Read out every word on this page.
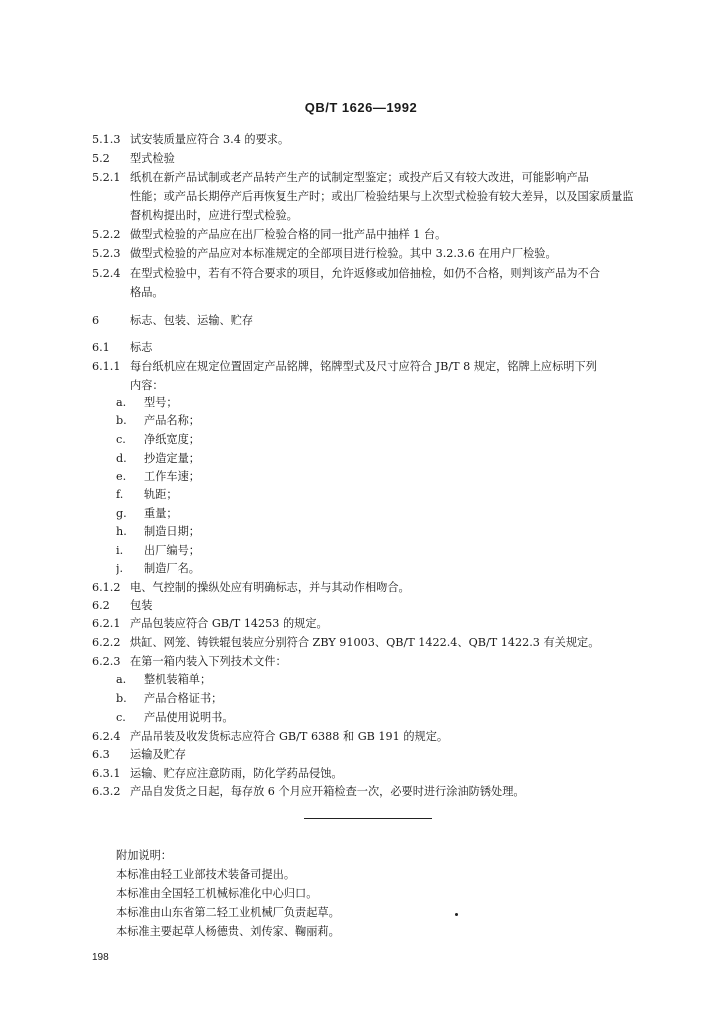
QB/T 1626—1992
5.1.3 试安装质量应符合 3.4 的要求。
5.2 型式检验
5.2.1 纸机在新产品试制或老产品转产生产的试制定型鉴定；或投产后又有较大改进，可能影响产品
性能；或产品长期停产后再恢复生产时；或出厂检验结果与上次型式检验有较大差异，以及国家质量监
督机构提出时，应进行型式检验。
5.2.2 做型式检验的产品应在出厂检验合格的同一批产品中抽样 1 台。
5.2.3 做型式检验的产品应对本标准规定的全部项目进行检验。其中 3.2.3.6 在用户厂检验。
5.2.4 在型式检验中，若有不符合要求的项目，允许返修或加倍抽检，如仍不合格，则判该产品为不合
格品。
6	标志、包装、运输、贮存
6.1 标志
6.1.1 每台纸机应在规定位置固定产品铭牌，铭牌型式及尺寸应符合 JB/T 8 规定，铭牌上应标明下列
内容：
a. 型号；
b. 产品名称；
c. 净纸宽度；
d. 抄造定量；
e. 工作车速；
f. 轨距；
g. 重量；
h. 制造日期；
i. 出厂编号；
j. 制造厂名。
6.1.2 电、气控制的操纵处应有明确标志，并与其动作相吻合。
6.2 包装
6.2.1 产品包装应符合 GB/T 14253 的规定。
6.2.2 烘缸、网笼、铸铁辊包装应分别符合 ZBY 91003、QB/T 1422.4、QB/T 1422.3 有关规定。
6.2.3 在第一箱内装入下列技术文件：
a. 整机装箱单；
b. 产品合格证书；
c. 产品使用说明书。
6.2.4 产品吊装及收发货标志应符合 GB/T 6388 和 GB 191 的规定。
6.3 运输及贮存
6.3.1 运输、贮存应注意防雨，防化学药品侵蚀。
6.3.2 产品自发货之日起，每存放 6 个月应开箱检查一次，必要时进行涂油防锈处理。
附加说明：
本标准由轻工业部技术装备司提出。
本标准由全国轻工机械标准化中心归口。
本标准由山东省第二轻工业机械厂负责起草。
本标准主要起草人杨德贵、刘传家、鞠丽莉。
198
